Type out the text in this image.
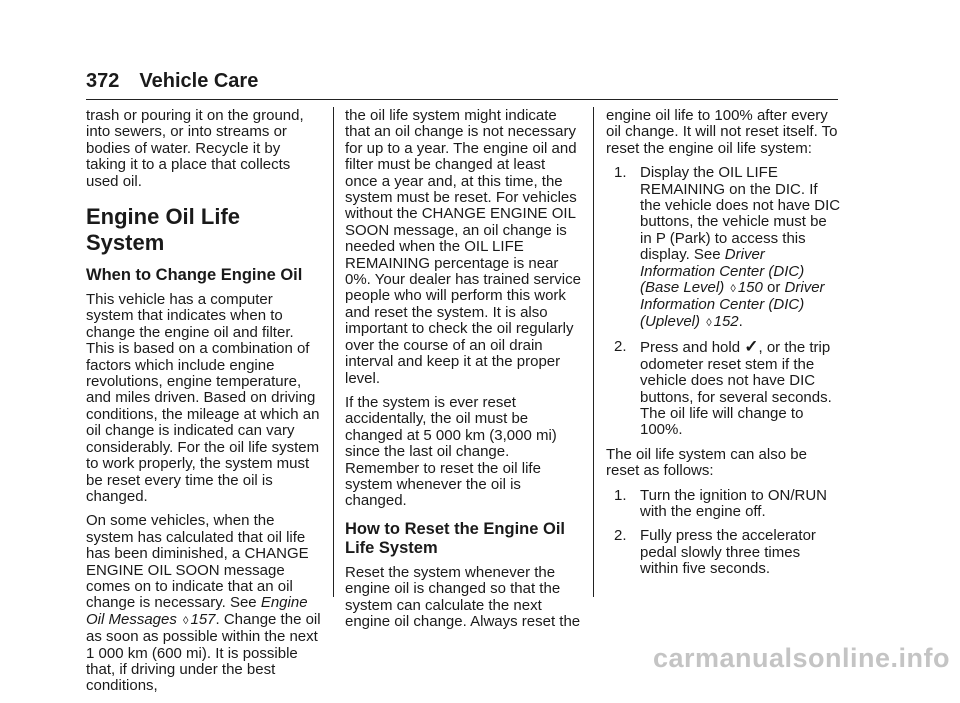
372 Vehicle Care

trash or pouring it on the ground, into sewers, or into streams or bodies of water. Recycle it by taking it to a place that collects used oil.

Engine Oil Life System
When to Change Engine Oil

This vehicle has a computer system that indicates when to change the engine oil and filter. This is based on a combination of factors which include engine revolutions, engine temperature, and miles driven. Based on driving conditions, the mileage at which an oil change is indicated can vary considerably. For the oil life system to work properly, the system must be reset every time the oil is changed.

On some vehicles, when the system has calculated that oil life has been diminished, a CHANGE ENGINE OIL SOON message comes on to indicate that an oil change is necessary. See Engine Oil Messages ◊ 157. Change the oil as soon as possible within the next 1 000 km (600 mi). It is possible that, if driving under the best conditions,

the oil life system might indicate that an oil change is not necessary for up to a year. The engine oil and filter must be changed at least once a year and, at this time, the system must be reset. For vehicles without the CHANGE ENGINE OIL SOON message, an oil change is needed when the OIL LIFE REMAINING percentage is near 0%. Your dealer has trained service people who will perform this work and reset the system. It is also important to check the oil regularly over the course of an oil drain interval and keep it at the proper level.

If the system is ever reset accidentally, the oil must be changed at 5 000 km (3,000 mi) since the last oil change. Remember to reset the oil life system whenever the oil is changed.

How to Reset the Engine Oil Life System

Reset the system whenever the engine oil is changed so that the system can calculate the next engine oil change. Always reset the

engine oil life to 100% after every oil change. It will not reset itself. To reset the engine oil life system:

1. Display the OIL LIFE REMAINING on the DIC. If the vehicle does not have DIC buttons, the vehicle must be in P (Park) to access this display. See Driver Information Center (DIC) (Base Level) ◊ 150 or Driver Information Center (DIC) (Uplevel) ◊ 152.
2. Press and hold ✓, or the trip odometer reset stem if the vehicle does not have DIC buttons, for several seconds. The oil life will change to 100%.

The oil life system can also be reset as follows:

1. Turn the ignition to ON/RUN with the engine off.
2. Fully press the accelerator pedal slowly three times within five seconds.
carmanualsonline.info
